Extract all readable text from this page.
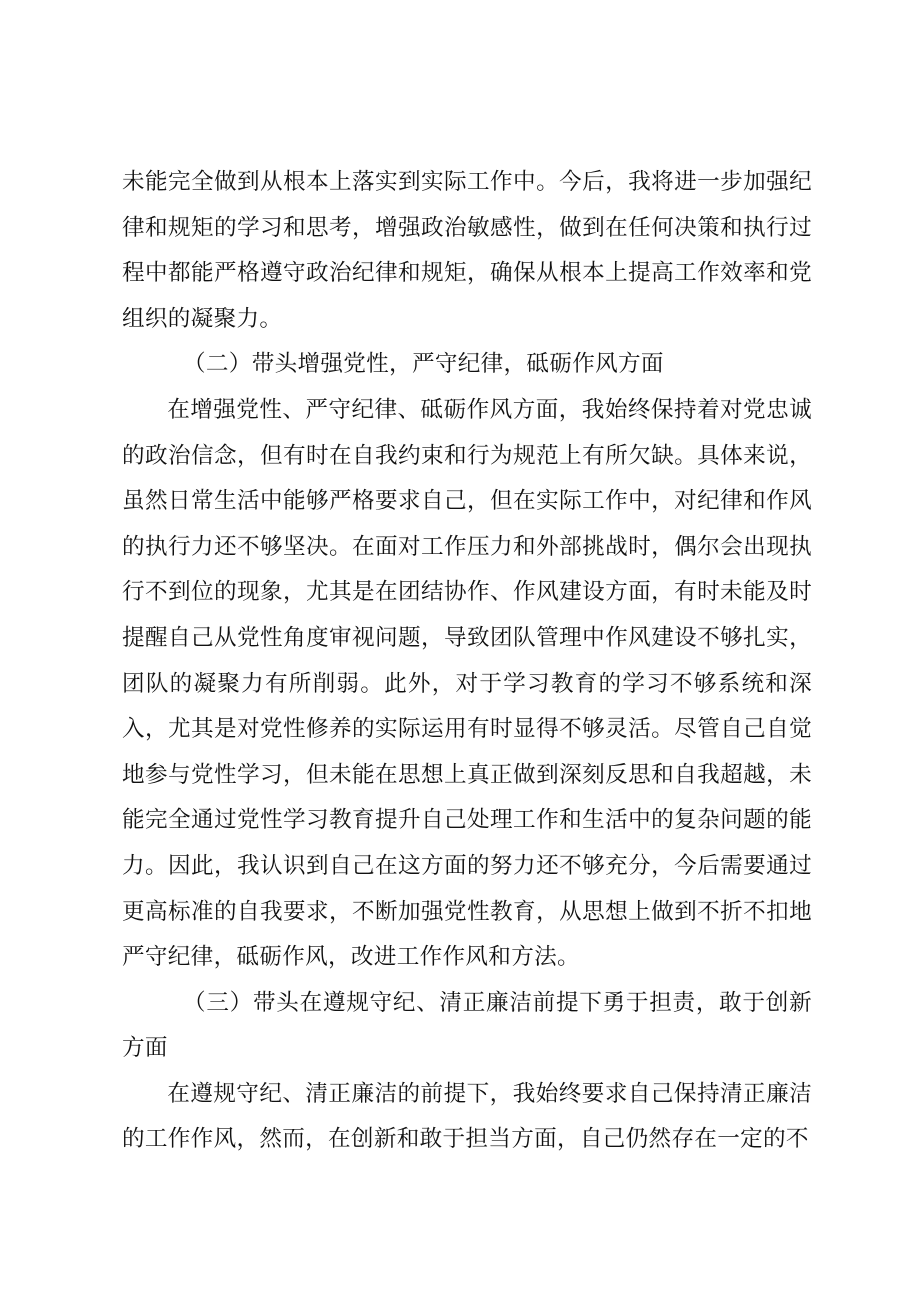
未能完全做到从根本上落实到实际工作中。今后，我将进一步加强纪律和规矩的学习和思考，增强政治敏感性，做到在任何决策和执行过程中都能严格遵守政治纪律和规矩，确保从根本上提高工作效率和党组织的凝聚力。

（二）带头增强党性，严守纪律，砥砺作风方面

在增强党性、严守纪律、砥砺作风方面，我始终保持着对党忠诚的政治信念，但有时在自我约束和行为规范上有所欠缺。具体来说，虽然日常生活中能够严格要求自己，但在实际工作中，对纪律和作风的执行力还不够坚决。在面对工作压力和外部挑战时，偶尔会出现执行不到位的现象，尤其是在团结协作、作风建设方面，有时未能及时提醒自己从党性角度审视问题，导致团队管理中作风建设不够扎实，团队的凝聚力有所削弱。此外，对于学习教育的学习不够系统和深入，尤其是对党性修养的实际运用有时显得不够灵活。尽管自己自觉地参与党性学习，但未能在思想上真正做到深刻反思和自我超越，未能完全通过党性学习教育提升自己处理工作和生活中的复杂问题的能力。因此，我认识到自己在这方面的努力还不够充分，今后需要通过更高标准的自我要求，不断加强党性教育，从思想上做到不折不扣地严守纪律，砥砺作风，改进工作作风和方法。

（三）带头在遵规守纪、清正廉洁前提下勇于担责，敢于创新方面

在遵规守纪、清正廉洁的前提下，我始终要求自己保持清正廉洁的工作作风，然而，在创新和敢于担当方面，自己仍然存在一定的不
